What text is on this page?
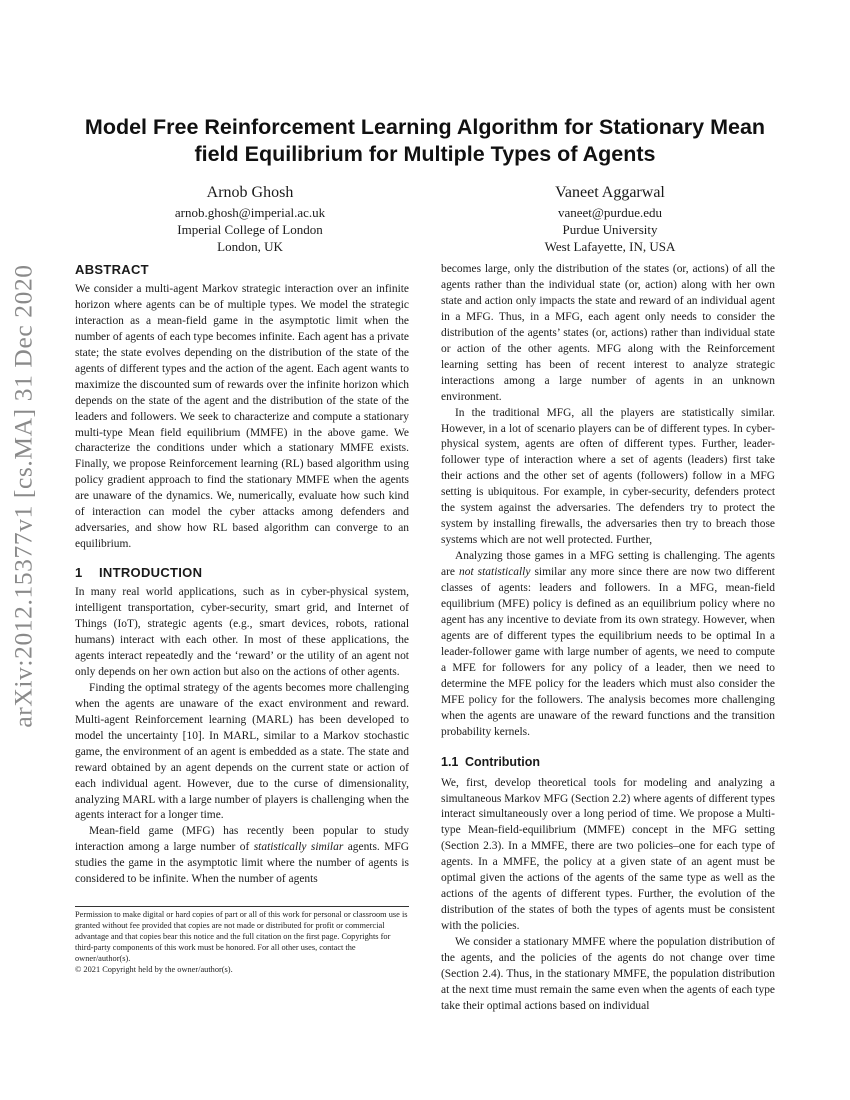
arXiv:2012.15377v1 [cs.MA] 31 Dec 2020
Model Free Reinforcement Learning Algorithm for Stationary Mean field Equilibrium for Multiple Types of Agents
Arnob Ghosh
arnob.ghosh@imperial.ac.uk
Imperial College of London
London, UK
Vaneet Aggarwal
vaneet@purdue.edu
Purdue University
West Lafayette, IN, USA
ABSTRACT

We consider a multi-agent Markov strategic interaction over an infinite horizon where agents can be of multiple types. We model the strategic interaction as a mean-field game in the asymptotic limit when the number of agents of each type becomes infinite. Each agent has a private state; the state evolves depending on the distribution of the state of the agents of different types and the action of the agent. Each agent wants to maximize the discounted sum of rewards over the infinite horizon which depends on the state of the agent and the distribution of the state of the leaders and followers. We seek to characterize and compute a stationary multi-type Mean field equilibrium (MMFE) in the above game. We characterize the conditions under which a stationary MMFE exists. Finally, we propose Reinforcement learning (RL) based algorithm using policy gradient approach to find the stationary MMFE when the agents are unaware of the dynamics. We, numerically, evaluate how such kind of interaction can model the cyber attacks among defenders and adversaries, and show how RL based algorithm can converge to an equilibrium.

1 INTRODUCTION

In many real world applications, such as in cyber-physical system, intelligent transportation, cyber-security, smart grid, and Internet of Things (IoT), strategic agents (e.g., smart devices, robots, rational humans) interact with each other. In most of these applications, the agents interact repeatedly and the ‘reward’ or the utility of an agent not only depends on her own action but also on the actions of other agents.

Finding the optimal strategy of the agents becomes more challenging when the agents are unaware of the exact environment and reward. Multi-agent Reinforcement learning (MARL) has been developed to model the uncertainty [10]. In MARL, similar to a Markov stochastic game, the environment of an agent is embedded as a state. The state and reward obtained by an agent depends on the current state or action of each individual agent. However, due to the curse of dimensionality, analyzing MARL with a large number of players is challenging when the agents interact for a longer time.

Mean-field game (MFG) has recently been popular to study interaction among a large number of statistically similar agents. MFG studies the game in the asymptotic limit where the number of agents is considered to be infinite. When the number of agents

becomes large, only the distribution of the states (or, actions) of all the agents rather than the individual state (or, action) along with her own state and action only impacts the state and reward of an individual agent in a MFG. Thus, in a MFG, each agent only needs to consider the distribution of the agents’ states (or, actions) rather than individual state or action of the other agents. MFG along with the Reinforcement learning setting has been of recent interest to analyze strategic interactions among a large number of agents in an unknown environment.

In the traditional MFG, all the players are statistically similar. However, in a lot of scenario players can be of different types. In cyber-physical system, agents are often of different types. Further, leader-follower type of interaction where a set of agents (leaders) first take their actions and the other set of agents (followers) follow in a MFG setting is ubiquitous. For example, in cyber-security, defenders protect the system against the adversaries. The defenders try to protect the system by installing firewalls, the adversaries then try to breach those systems which are not well protected. Further,

Analyzing those games in a MFG setting is challenging. The agents are not statistically similar any more since there are now two different classes of agents: leaders and followers. In a MFG, mean-field equilibrium (MFE) policy is defined as an equilibrium policy where no agent has any incentive to deviate from its own strategy. However, when agents are of different types the equilibrium needs to be optimal In a leader-follower game with large number of agents, we need to compute a MFE for followers for any policy of a leader, then we need to determine the MFE policy for the leaders which must also consider the MFE policy for the followers. The analysis becomes more challenging when the agents are unaware of the reward functions and the transition probability kernels.

1.1 Contribution

We, first, develop theoretical tools for modeling and analyzing a simultaneous Markov MFG (Section 2.2) where agents of different types interact simultaneously over a long period of time. We propose a Multi-type Mean-field-equilibrium (MMFE) concept in the MFG setting (Section 2.3). In a MMFE, there are two policies–one for each type of agents. In a MMFE, the policy at a given state of an agent must be optimal given the actions of the agents of the same type as well as the actions of the agents of different types. Further, the evolution of the distribution of the states of both the types of agents must be consistent with the policies.

We consider a stationary MMFE where the population distribution of the agents, and the policies of the agents do not change over time (Section 2.4). Thus, in the stationary MMFE, the population distribution at the next time must remain the same even when the agents of each type take their optimal actions based on individual

Permission to make digital or hard copies of part or all of this work for personal or classroom use is granted without fee provided that copies are not made or distributed for profit or commercial advantage and that copies bear this notice and the full citation on the first page. Copyrights for third-party components of this work must be honored. For all other uses, contact the owner/author(s).

© 2021 Copyright held by the owner/author(s).
